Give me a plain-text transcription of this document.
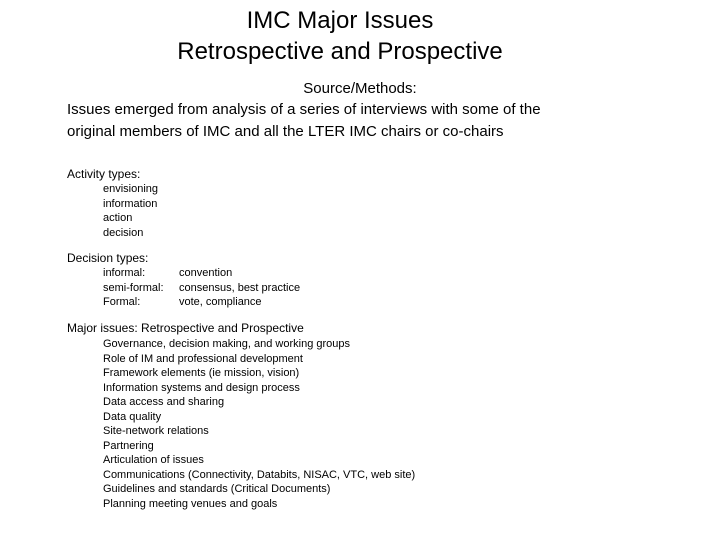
IMC Major Issues
Retrospective and Prospective
Source/Methods:
Issues emerged from analysis of a series of interviews with some of the
original members of IMC and all the LTER IMC chairs or co-chairs
Activity types:
envisioning
information
action
decision
Decision types:
informal:
semi-formal:
Formal:
convention
consensus, best practice
vote, compliance
Major issues: Retrospective and Prospective
Governance, decision making, and working groups
Role of IM and professional development
Framework elements (ie mission, vision)
Information systems and design process
Data access and sharing
Data quality
Site-network relations
Partnering
Articulation of issues
Communications (Connectivity, Databits, NISAC, VTC, web site)
Guidelines and standards (Critical Documents)
Planning meeting venues and goals
